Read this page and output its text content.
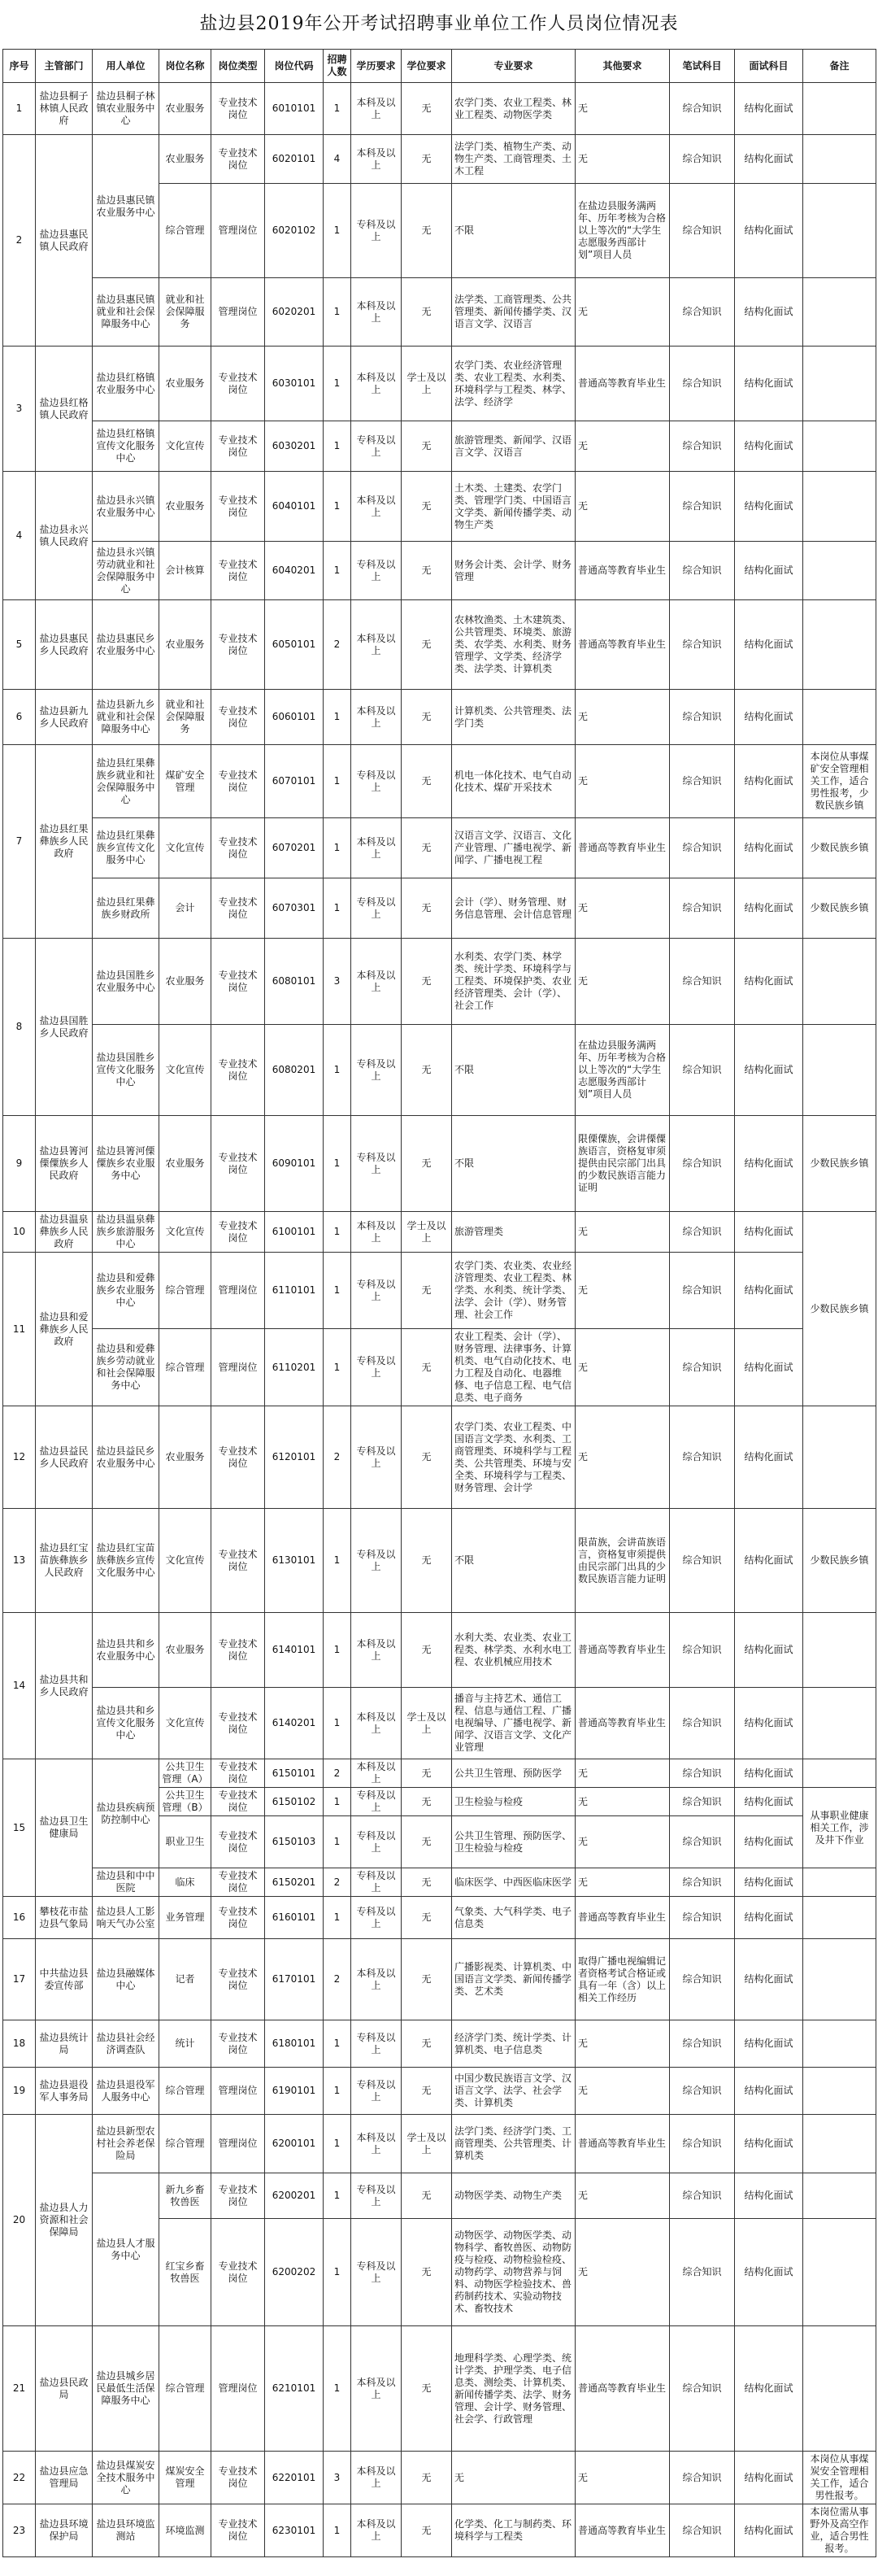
盐边县2019年公开考试招聘事业单位工作人员岗位情况表
序号	主管部门	用人单位	岗位名称	岗位类型	岗位代码	招聘人数	学历要求	学位要求	专业要求	其他要求	笔试科目	面试科目	备注
1	盐边县桐子林镇人民政府	盐边县桐子林镇农业服务中心	农业服务	专业技术岗位	6010101	1	本科及以上	无	农学门类、农业工程类、林业工程类、动物医学类	无	综合知识	结构化面试	
2	盐边县惠民镇人民政府	盐边县惠民镇农业服务中心	农业服务	专业技术岗位	6020101	4	本科及以上	无	法学门类、植物生产类、动物生产类、工商管理类、土木工程	无	综合知识	结构化面试	
			综合管理	管理岗位	6020102	1	专科及以上	无	不限	在盐边县服务满两年、历年考核为合格以上等次的“大学生志愿服务西部计划”项目人员	综合知识	结构化面试	
		盐边县惠民镇就业和社会保障服务中心	就业和社会保障服务	管理岗位	6020201	1	本科及以上	无	法学类、工商管理类、公共管理类、新闻传播学类、汉语言文学、汉语言	无	综合知识	结构化面试	
3	盐边县红格镇人民政府	盐边县红格镇农业服务中心	农业服务	专业技术岗位	6030101	1	本科及以上	学士及以上	农学门类、农业经济管理类、农业工程类、水利类、环境科学与工程类、林学、法学、经济学	普通高等教育毕业生	综合知识	结构化面试	
		盐边县红格镇宣传文化服务中心	文化宣传	专业技术岗位	6030201	1	专科及以上	无	旅游管理类、新闻学、汉语言文学、汉语言	无	综合知识	结构化面试	
4	盐边县永兴镇人民政府	盐边县永兴镇农业服务中心	农业服务	专业技术岗位	6040101	1	本科及以上	无	土木类、土建类、农学门类、管理学门类、中国语言文学类、新闻传播学类、动物生产类	无	综合知识	结构化面试	
		盐边县永兴镇劳动就业和社会保障服务中心	会计核算	专业技术岗位	6040201	1	专科及以上	无	财务会计类、会计学、财务管理	普通高等教育毕业生	综合知识	结构化面试	
5	盐边县惠民乡人民政府	盐边县惠民乡农业服务中心	农业服务	专业技术岗位	6050101	2	本科及以上	无	农林牧渔类、土木建筑类、公共管理类、环境类、旅游类、农学类、水利类、财务管理学、文学类、经济学类、法学类、计算机类	普通高等教育毕业生	综合知识	结构化面试	
6	盐边县新九乡人民政府	盐边县新九乡就业和社会保障服务中心	就业和社会保障服务	专业技术岗位	6060101	1	本科及以上	无	计算机类、公共管理类、法学门类	无	综合知识	结构化面试	
7	盐边县红果彝族乡人民政府	盐边县红果彝族乡就业和社会保障服务中心	煤矿安全管理	专业技术岗位	6070101	1	专科及以上	无	机电一体化技术、电气自动化技术、煤矿开采技术	无	综合知识	结构化面试	本岗位从事煤矿安全管理相关工作，适合男性报考，少数民族乡镇
		盐边县红果彝族乡宣传文化服务中心	文化宣传	专业技术岗位	6070201	1	本科及以上	无	汉语言文学、汉语言、文化产业管理、广播电视学、新闻学、广播电视工程	普通高等教育毕业生	综合知识	结构化面试	少数民族乡镇
		盐边县红果彝族乡财政所	会计	专业技术岗位	6070301	1	专科及以上	无	会计（学）、财务管理、财务信息管理、会计信息管理	无	综合知识	结构化面试	少数民族乡镇
8	盐边县国胜乡人民政府	盐边县国胜乡农业服务中心	农业服务	专业技术岗位	6080101	3	本科及以上	无	水利类、农学门类、林学类、统计学类、环境科学与工程类、环境保护类、农业经济管理类、会计（学）、社会工作	无	综合知识	结构化面试	
		盐边县国胜乡宣传文化服务中心	文化宣传	专业技术岗位	6080201	1	专科及以上	无	不限	在盐边县服务满两年、历年考核为合格以上等次的“大学生志愿服务西部计划”项目人员	综合知识	结构化面试	
9	盐边县箐河傈僳族乡人民政府	盐边县箐河傈僳族乡农业服务中心	农业服务	专业技术岗位	6090101	1	专科及以上	无	不限	限傈僳族，会讲傈僳族语言，资格复审须提供由民宗部门出具的少数民族语言能力证明	综合知识	结构化面试	少数民族乡镇
10	盐边县温泉彝族乡人民政府	盐边县温泉彝族乡旅游服务中心	文化宣传	专业技术岗位	6100101	1	本科及以上	学士及以上	旅游管理类	无	综合知识	结构化面试	少数民族乡镇
11	盐边县和爱彝族乡人民政府	盐边县和爱彝族乡农业服务中心	综合管理	管理岗位	6110101	1	专科及以上	无	农学门类、农业类、农业经济管理类、农业工程类、林学类、水利类、统计学类、法学、会计（学）、财务管理、社会工作	无	综合知识	结构化面试	
		盐边县和爱彝族乡劳动就业和社会保障服务中心	综合管理	管理岗位	6110201	1	专科及以上	无	农业工程类、会计（学）、财务管理、法律事务、计算机类、电气自动化技术、电力工程及自动化、电器维修、电子信息工程、电气信息类、电子商务	无	综合知识	结构化面试	
12	盐边县益民乡人民政府	盐边县益民乡农业服务中心	农业服务	专业技术岗位	6120101	2	专科及以上	无	农学门类、农业工程类、中国语言文学类、水利类、工商管理类、环境科学与工程类、公共管理类、环境与安全类、环境科学与工程类、财务管理、会计学	无	综合知识	结构化面试	
13	盐边县红宝苗族彝族乡人民政府	盐边县红宝苗族彝族乡宣传文化服务中心	文化宣传	专业技术岗位	6130101	1	专科及以上	无	不限	限苗族，会讲苗族语言，资格复审须提供由民宗部门出具的少数民族语言能力证明	综合知识	结构化面试	少数民族乡镇
14	盐边县共和乡人民政府	盐边县共和乡农业服务中心	农业服务	专业技术岗位	6140101	1	本科及以上	无	水利大类、农业类、农业工程类、林学类、水利水电工程、农业机械应用技术	普通高等教育毕业生	综合知识	结构化面试	
		盐边县共和乡宣传文化服务中心	文化宣传	专业技术岗位	6140201	1	本科及以上	学士及以上	播音与主持艺术、通信工程、信息与通信工程、广播电视编导、广播电视学、新闻学、汉语言文学、文化产业管理	普通高等教育毕业生	综合知识	结构化面试	
15	盐边县卫生健康局	盐边县疾病预防控制中心	公共卫生管理（A）	专业技术岗位	6150101	2	本科及以上	无	公共卫生管理、预防医学	无	综合知识	结构化面试	
			公共卫生管理（B）	专业技术岗位	6150102	1	专科及以上	无	卫生检验与检疫	无	综合知识	结构化面试	从事职业健康相关工作，涉及井下作业
			职业卫生	专业技术岗位	6150103	1	专科及以上	无	公共卫生管理、预防医学、卫生检验与检疫	无	综合知识	结构化面试	
		盐边县和中中医院	临床	专业技术岗位	6150201	2	专科及以上	无	临床医学、中西医临床医学	无	综合知识	结构化面试	
16	攀枝花市盐边县气象局	盐边县人工影响天气办公室	业务管理	专业技术岗位	6160101	1	专科及以上	无	气象类、大气科学类、电子信息类	普通高等教育毕业生	综合知识	结构化面试	
17	中共盐边县委宣传部	盐边县融媒体中心	记者	专业技术岗位	6170101	2	本科及以上	无	广播影视类、计算机类、中国语言文学类、新闻传播学类、艺术类	取得广播电视编辑记者资格考试合格证或具有一年（含）以上相关工作经历	综合知识	结构化面试	
18	盐边县统计局	盐边县社会经济调查队	统计	专业技术岗位	6180101	1	专科及以上	无	经济学门类、统计学类、计算机类、电子信息类	无	综合知识	结构化面试	
19	盐边县退役军人事务局	盐边县退役军人服务中心	综合管理	管理岗位	6190101	1	专科及以上	无	中国少数民族语言文学、汉语言文学、法学、社会学类、计算机类	无	综合知识	结构化面试	
20	盐边县人力资源和社会保障局	盐边县新型农村社会养老保险局	综合管理	管理岗位	6200101	1	本科及以上	学士及以上	法学门类、经济学门类、工商管理类、公共管理类、计算机类	普通高等教育毕业生	综合知识	结构化面试	
		盐边县人才服务中心	新九乡畜牧兽医	专业技术岗位	6200201	1	专科及以上	无	动物医学类、动物生产类	无	综合知识	结构化面试	
			红宝乡畜牧兽医	专业技术岗位	6200202	1	专科及以上	无	动物医学、动物医学类、动物科学、畜牧兽医、动物防疫与检疫、动物检验检疫、动物药学、动物营养与饲料、动物医学检验技术、兽药制药技术、实验动物技术、畜牧技术	无	综合知识	结构化面试	
21	盐边县民政局	盐边县城乡居民最低生活保障服务中心	综合管理	管理岗位	6210101	1	本科及以上	无	地理科学类、心理学类、统计学类、护理学类、电子信息类、测绘类、计算机类、新闻传播学类、法学、财务管理、会计学、财务管理、社会学、行政管理	普通高等教育毕业生	综合知识	结构化面试	
22	盐边县应急管理局	盐边县煤炭安全技术服务中心	煤炭安全管理	专业技术岗位	6220101	3	本科及以上	无	无	无	综合知识	结构化面试	本岗位从事煤炭安全管理相关工作，适合男性报考。
23	盐边县环境保护局	盐边县环境监测站	环境监测	专业技术岗位	6230101	1	本科及以上	无	化学类、化工与制药类、环境科学与工程类	普通高等教育毕业生	综合知识	结构化面试	本岗位需从事野外及高空作业，适合男性报考。
